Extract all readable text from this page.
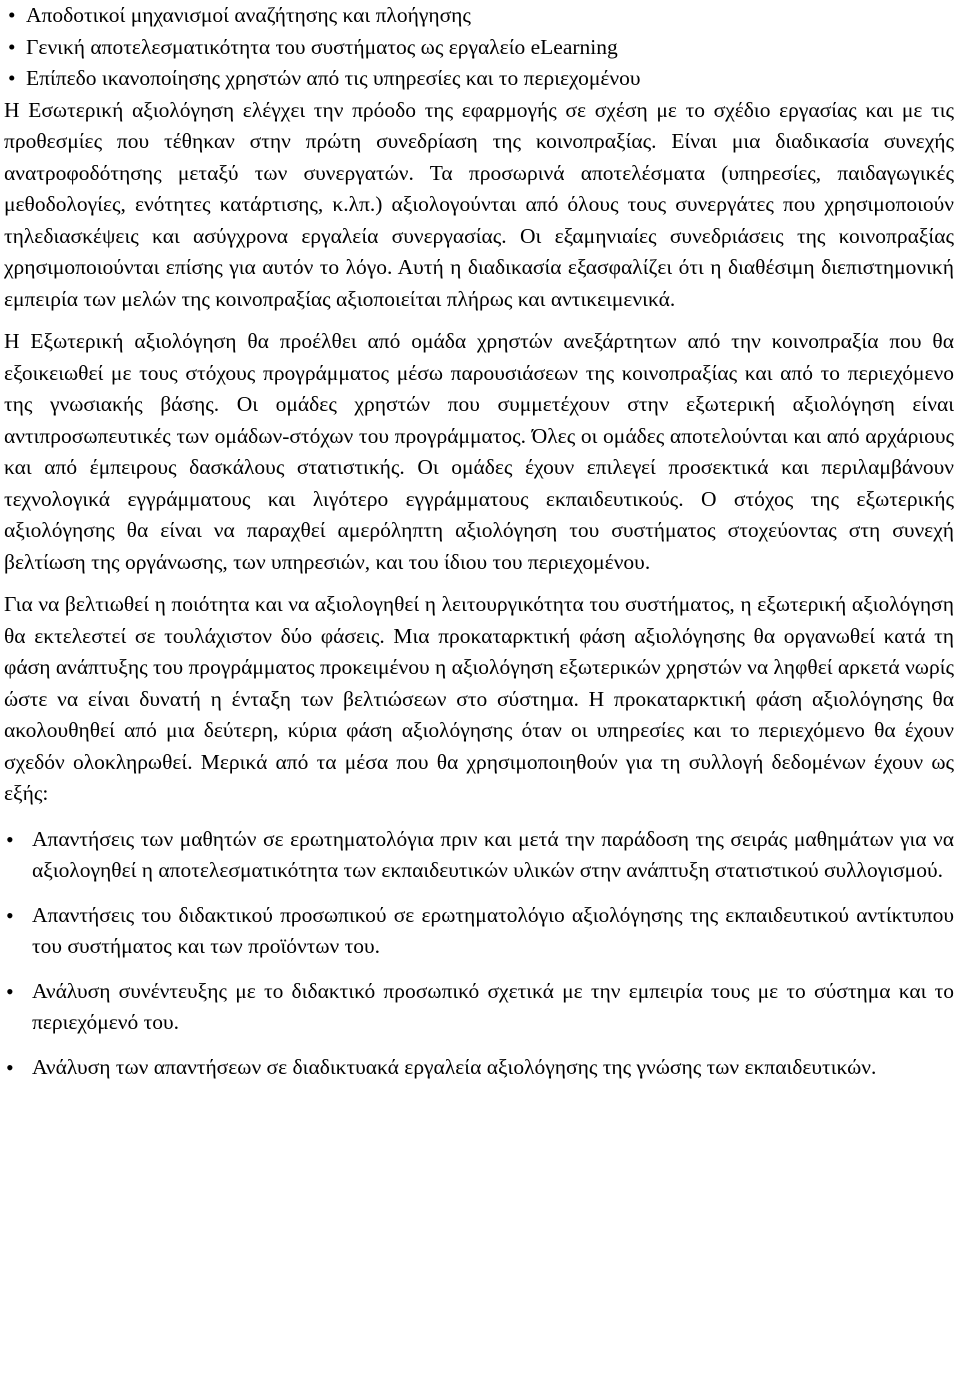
• Αποδοτικοί μηχανισμοί αναζήτησης και πλοήγησης
• Γενική αποτελεσματικότητα του συστήματος ως εργαλείο eLearning
• Επίπεδο ικανοποίησης χρηστών από τις υπηρεσίες και το περιεχομένου

Η Εσωτερική αξιολόγηση ελέγχει την πρόοδο της εφαρμογής σε σχέση με το σχέδιο εργασίας και με τις προθεσμίες που τέθηκαν στην πρώτη συνεδρίαση της κοινοπραξίας. Είναι μια διαδικασία συνεχής ανατροφοδότησης μεταξύ των συνεργατών. Τα προσωρινά αποτελέσματα (υπηρεσίες, παιδαγωγικές μεθοδολογίες, ενότητες κατάρτισης, κ.λπ.) αξιολογούνται από όλους τους συνεργάτες που χρησιμοποιούν τηλεδιασκέψεις και ασύγχρονα εργαλεία συνεργασίας. Οι εξαμηνιαίες συνεδριάσεις της κοινοπραξίας χρησιμοποιούνται επίσης για αυτόν το λόγο. Αυτή η διαδικασία εξασφαλίζει ότι η διαθέσιμη διεπιστημονική εμπειρία των μελών της κοινοπραξίας αξιοποιείται πλήρως και αντικειμενικά.

Η Εξωτερική αξιολόγηση θα προέλθει από ομάδα χρηστών ανεξάρτητων από την κοινοπραξία που θα εξοικειωθεί με τους στόχους προγράμματος μέσω παρουσιάσεων της κοινοπραξίας και από το περιεχόμενο της γνωσιακής βάσης. Οι ομάδες χρηστών που συμμετέχουν στην εξωτερική αξιολόγηση είναι αντιπροσωπευτικές των ομάδων-στόχων του προγράμματος. Όλες οι ομάδες αποτελούνται και από αρχάριους και από έμπειρους δασκάλους στατιστικής. Οι ομάδες έχουν επιλεγεί προσεκτικά και περιλαμβάνουν τεχνολογικά εγγράμματους και λιγότερο εγγράμματους εκπαιδευτικούς. Ο στόχος της εξωτερικής αξιολόγησης θα είναι να παραχθεί αμερόληπτη αξιολόγηση του συστήματος στοχεύοντας στη συνεχή βελτίωση της οργάνωσης, των υπηρεσιών, και του ίδιου του περιεχομένου.

Για να βελτιωθεί η ποιότητα και να αξιολογηθεί η λειτουργικότητα του συστήματος, η εξωτερική αξιολόγηση θα εκτελεστεί σε τουλάχιστον δύο φάσεις. Μια προκαταρκτική φάση αξιολόγησης θα οργανωθεί κατά τη φάση ανάπτυξης του προγράμματος προκειμένου η αξιολόγηση εξωτερικών χρηστών να ληφθεί αρκετά νωρίς ώστε να είναι δυνατή η ένταξη των βελτιώσεων στο σύστημα. Η προκαταρκτική φάση αξιολόγησης θα ακολουθηθεί από μια δεύτερη, κύρια φάση αξιολόγησης όταν οι υπηρεσίες και το περιεχόμενο θα έχουν σχεδόν ολοκληρωθεί. Μερικά από τα μέσα που θα χρησιμοποιηθούν για τη συλλογή δεδομένων έχουν ως εξής:

• Απαντήσεις των μαθητών σε ερωτηματολόγια πριν και μετά την παράδοση της σειράς μαθημάτων για να αξιολογηθεί η αποτελεσματικότητα των εκπαιδευτικών υλικών στην ανάπτυξη στατιστικού συλλογισμού.
• Απαντήσεις του διδακτικού προσωπικού σε ερωτηματολόγιο αξιολόγησης της εκπαιδευτικού αντίκτυπου του συστήματος και των προϊόντων του.
• Ανάλυση συνέντευξης με το διδακτικό προσωπικό σχετικά με την εμπειρία τους με το σύστημα και το περιεχόμενό του.
• Ανάλυση των απαντήσεων σε διαδικτυακά εργαλεία αξιολόγησης της γνώσης των εκπαιδευτικών.
